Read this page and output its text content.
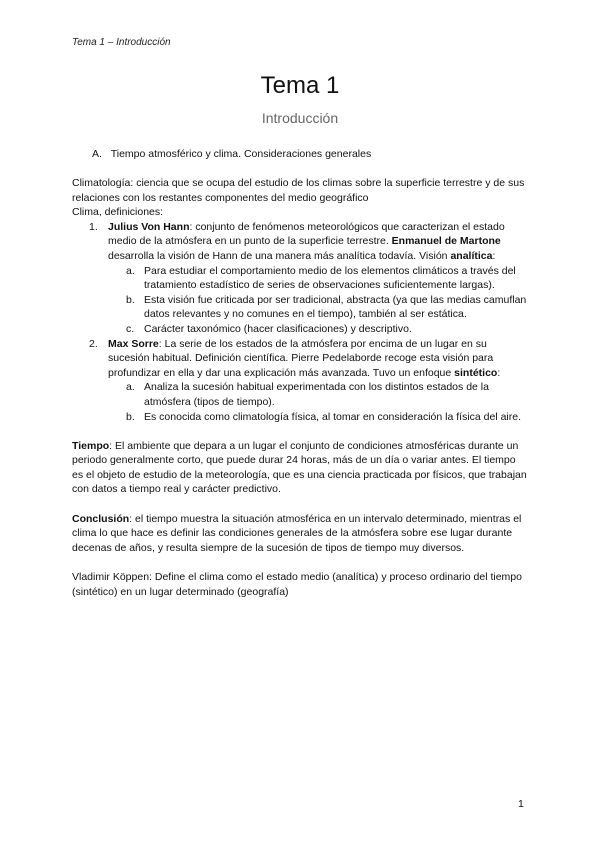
Tema 1 – Introducción
Tema 1
Introducción
A. Tiempo atmosférico y clima. Consideraciones generales

Climatología: ciencia que se ocupa del estudio de los climas sobre la superficie terrestre y de sus relaciones con los restantes componentes del medio geográfico

Clima, definiciones:

1. Julius Von Hann: conjunto de fenómenos meteorológicos que caracterizan el estado medio de la atmósfera en un punto de la superficie terrestre. Enmanuel de Martone desarrolla la visión de Hann de una manera más analítica todavía. Visión analítica:
a. Para estudiar el comportamiento medio de los elementos climáticos a través del tratamiento estadístico de series de observaciones suficientemente largas).
b. Esta visión fue criticada por ser tradicional, abstracta (ya que las medias camuflan datos relevantes y no comunes en el tiempo), también al ser estática.
c. Carácter taxonómico (hacer clasificaciones) y descriptivo.
2. Max Sorre: La serie de los estados de la atmósfera por encima de un lugar en su sucesión habitual. Definición científica. Pierre Pedelaborde recoge esta visión para profundizar en ella y dar una explicación más avanzada. Tuvo un enfoque sintético:
a. Analiza la sucesión habitual experimentada con los distintos estados de la atmósfera (tipos de tiempo).
b. Es conocida como climatología física, al tomar en consideración la física del aire.

Tiempo: El ambiente que depara a un lugar el conjunto de condiciones atmosféricas durante un periodo generalmente corto, que puede durar 24 horas, más de un día o variar antes. El tiempo es el objeto de estudio de la meteorología, que es una ciencia practicada por físicos, que trabajan con datos a tiempo real y carácter predictivo.

Conclusión: el tiempo muestra la situación atmosférica en un intervalo determinado, mientras el clima lo que hace es definir las condiciones generales de la atmósfera sobre ese lugar durante decenas de años, y resulta siempre de la sucesión de tipos de tiempo muy diversos.

Vladimir Köppen: Define el clima como el estado medio (analítica) y proceso ordinario del tiempo (sintético) en un lugar determinado (geografía)

1
